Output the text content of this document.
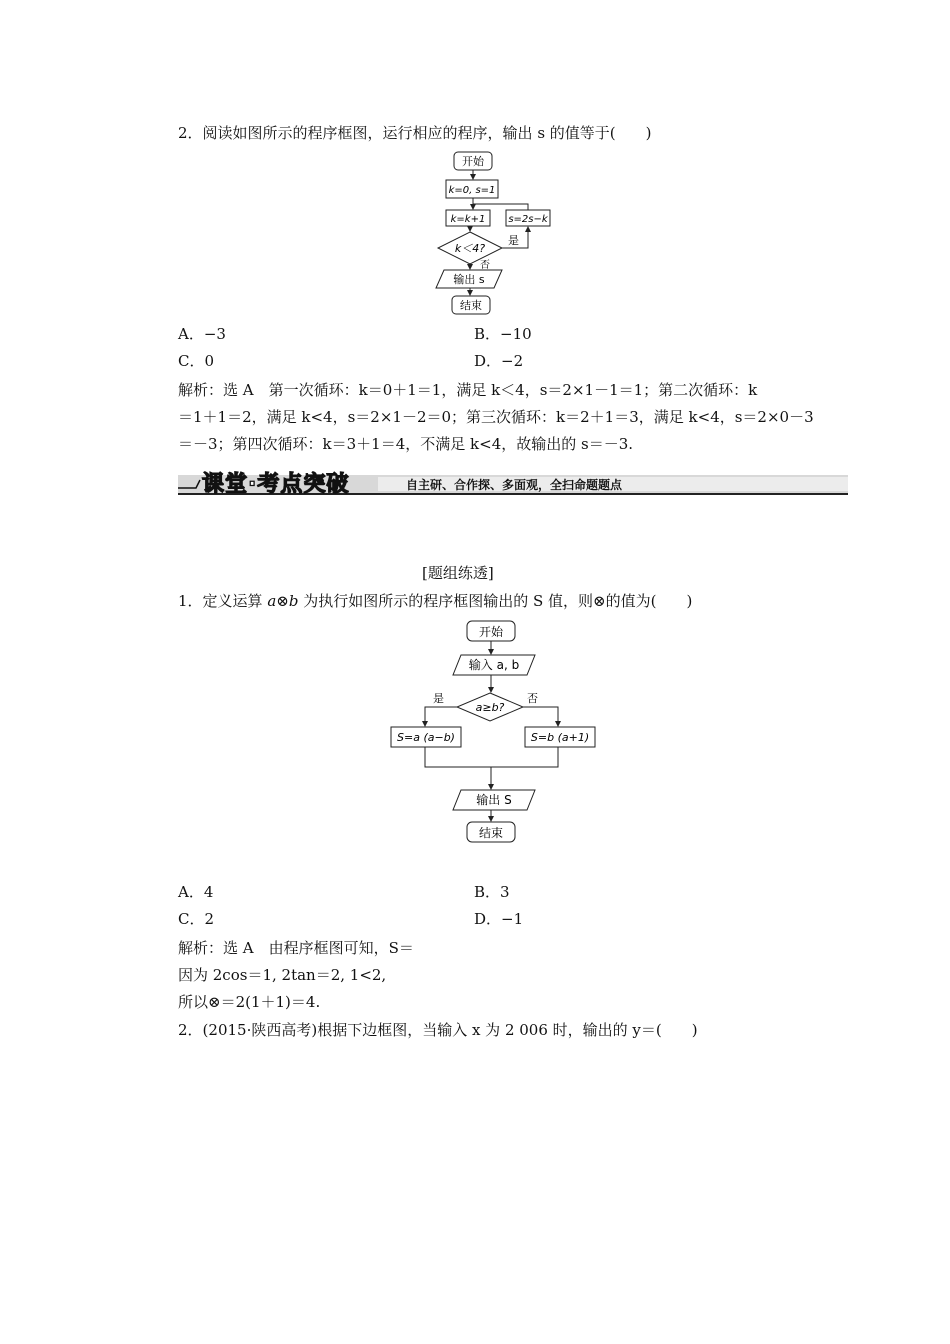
2．阅读如图所示的程序框图，运行相应的程序，输出 s 的值等于(　　)
开始
k=0, s=1
k=k+1 s=2s−k
k＜4?
是
否
输出 s
结束
A．−3	B．−10
C．0	D．−2
解析：选 A　第一次循环：k＝0＋1＝1，满足 k＜4，s＝2×1－1＝1；第二次循环：k
＝1＋1＝2，满足 k<4，s＝2×1－2＝0；第三次循环：k＝2＋1＝3，满足 k<4，s＝2×0－3
＝－3；第四次循环：k＝3＋1＝4，不满足 k<4，故输出的 s＝－3.
课堂·考点突破	自主研、合作探、多面观，全扫命题题点
[题组练透]
1．定义运算 a⊗b 为执行如图所示的程序框图输出的 S 值，则⊗的值为(　　)
开始
输入 a, b
a≥b?
是	否
S=a (a−b)	S=b (a+1)
输出 S
结束
A．4	B．3
C．2	D．−1
解析：选 A　由程序框图可知，S＝
因为 2cos＝1, 2tan＝2, 1<2,
所以⊗＝2(1＋1)＝4.
2．(2015·陕西高考)根据下边框图，当输入 x 为 2 006 时，输出的 y＝(　　)
